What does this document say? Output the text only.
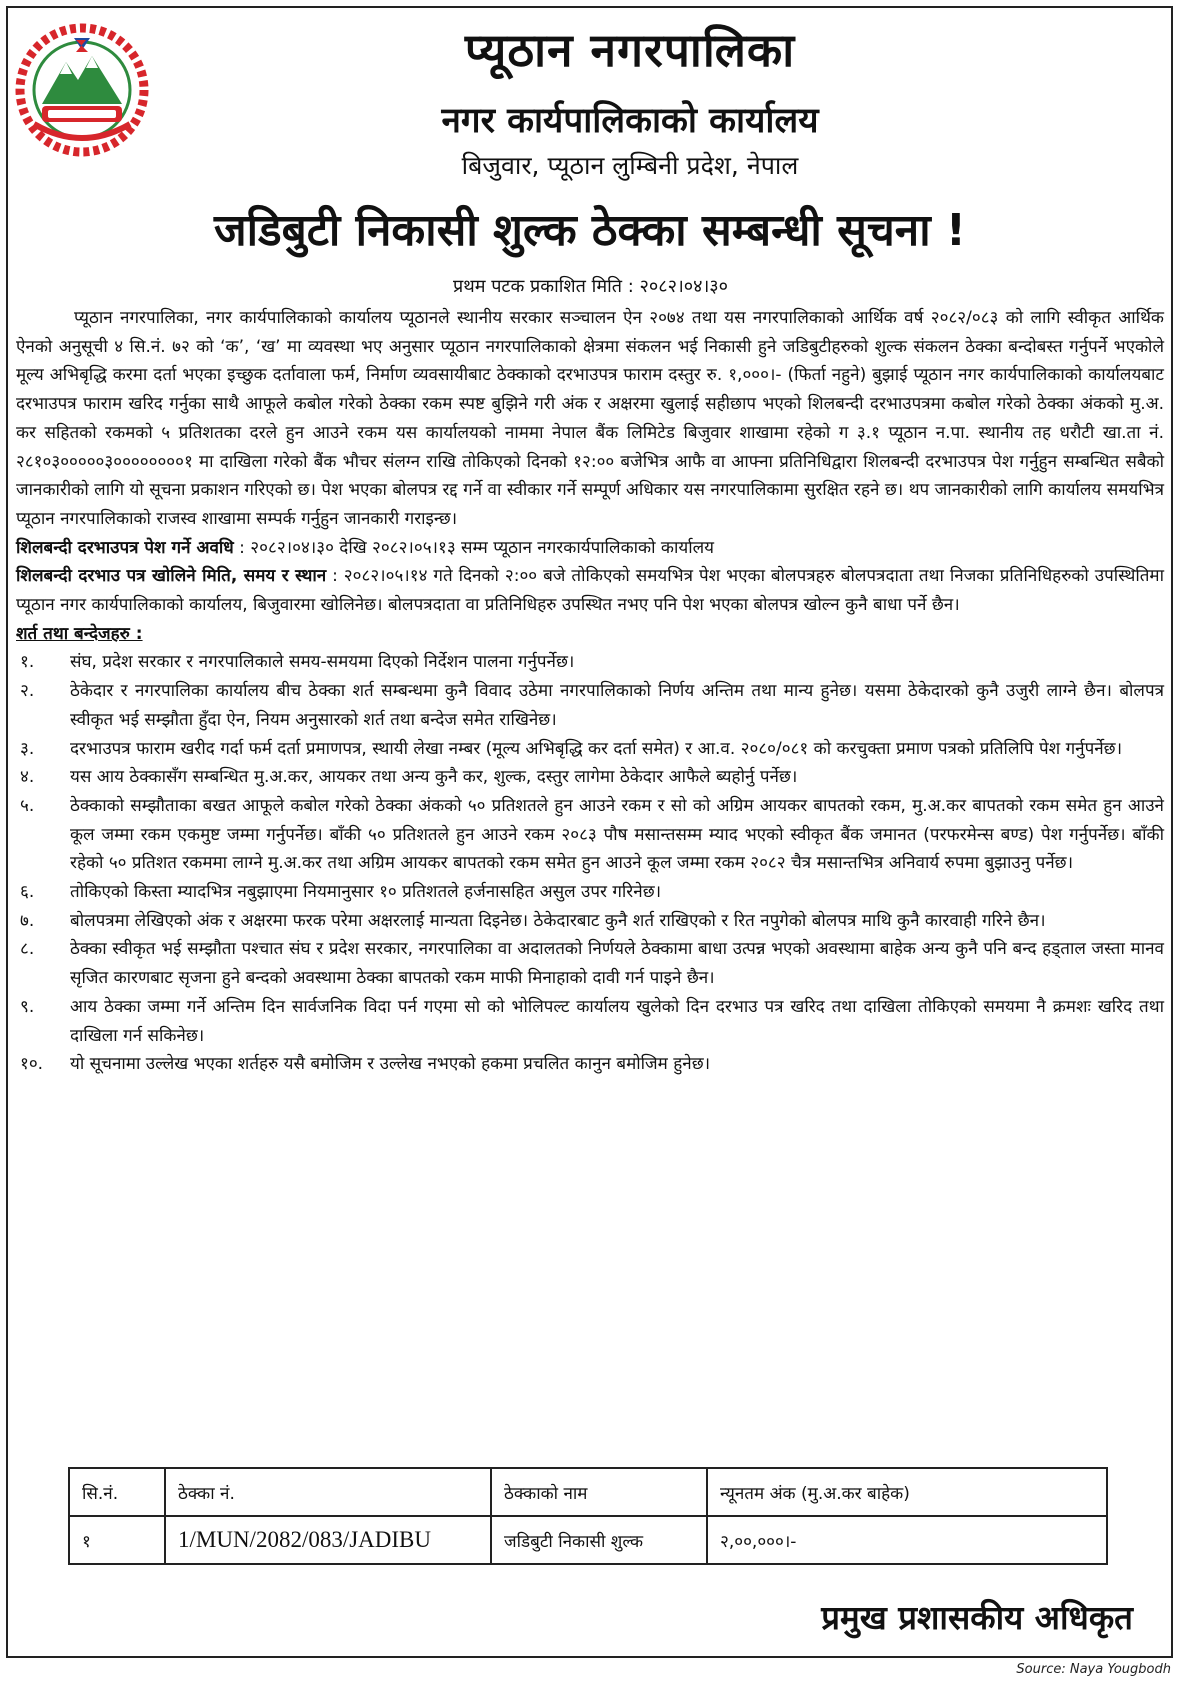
प्यूठान नगरपालिका
नगर कार्यपालिकाको कार्यालय
बिजुवार, प्यूठान लुम्बिनी प्रदेश, नेपाल
जडिबुटी निकासी शुल्क ठेक्का सम्बन्धी सूचना !
प्रथम पटक प्रकाशित मिति : २०८२।०४।३०

प्यूठान नगरपालिका, नगर कार्यपालिकाको कार्यालय प्यूठानले स्थानीय सरकार सञ्चालन ऐन २०७४ तथा यस नगरपालिकाको आर्थिक वर्ष २०८२/०८३ को लागि स्वीकृत आर्थिक ऐनको अनुसूची ४ सि.नं. ७२ को ‘क’, ‘ख’ मा व्यवस्था भए अनुसार प्यूठान नगरपालिकाको क्षेत्रमा संकलन भई निकासी हुने जडिबुटीहरुको शुल्क संकलन ठेक्का बन्दोबस्त गर्नुपर्ने भएकोले मूल्य अभिबृद्धि करमा दर्ता भएका इच्छुक दर्तावाला फर्म, निर्माण व्यवसायीबाट ठेक्काको दरभाउपत्र फाराम दस्तुर रु. १,०००।- (फिर्ता नहुने) बुझाई प्यूठान नगर कार्यपालिकाको कार्यालयबाट दरभाउपत्र फाराम खरिद गर्नुका साथै आफूले कबोल गरेको ठेक्का रकम स्पष्ट बुझिने गरी अंक र अक्षरमा खुलाई सहीछाप भएको शिलबन्दी दरभाउपत्रमा कबोल गरेको ठेक्का अंकको मु.अ. कर सहितको रकमको ५ प्रतिशतका दरले हुन आउने रकम यस कार्यालयको नाममा नेपाल बैंक लिमिटेड बिजुवार शाखामा रहेको ग ३.१ प्यूठान न.पा. स्थानीय तह धरौटी खा.ता नं. २८१०३०००००३००००००००१ मा दाखिला गरेको बैंक भौचर संलग्न राखि तोकिएको दिनको १२:०० बजेभित्र आफै वा आफ्ना प्रतिनिधिद्वारा शिलबन्दी दरभाउपत्र पेश गर्नुहुन सम्बन्धित सबैको जानकारीको लागि यो सूचना प्रकाशन गरिएको छ। पेश भएका बोलपत्र रद्द गर्ने वा स्वीकार गर्ने सम्पूर्ण अधिकार यस नगरपालिकामा सुरक्षित रहने छ। थप जानकारीको लागि कार्यालय समयभित्र प्यूठान नगरपालिकाको राजस्व शाखामा सम्पर्क गर्नुहुन जानकारी गराइन्छ।

शिलबन्दी दरभाउपत्र पेश गर्ने अवधि : २०८२।०४।३० देखि २०८२।०५।१३ सम्म प्यूठान नगरकार्यपालिकाको कार्यालय

शिलबन्दी दरभाउ पत्र खोलिने मिति, समय र स्थान : २०८२।०५।१४ गते दिनको २:०० बजे तोकिएको समयभित्र पेश भएका बोलपत्रहरु बोलपत्रदाता तथा निजका प्रतिनिधिहरुको उपस्थितिमा प्यूठान नगर कार्यपालिकाको कार्यालय, बिजुवारमा खोलिनेछ। बोलपत्रदाता वा प्रतिनिधिहरु उपस्थित नभए पनि पेश भएका बोलपत्र खोल्न कुनै बाधा पर्ने छैन।

शर्त तथा बन्देजहरु :

१. संघ, प्रदेश सरकार र नगरपालिकाले समय-समयमा दिएको निर्देशन पालना गर्नुपर्नेछ।
२. ठेकेदार र नगरपालिका कार्यालय बीच ठेक्का शर्त सम्बन्धमा कुनै विवाद उठेमा नगरपालिकाको निर्णय अन्तिम तथा मान्य हुनेछ। यसमा ठेकेदारको कुनै उजुरी लाग्ने छैन। बोलपत्र स्वीकृत भई सम्झौता हुँदा ऐन, नियम अनुसारको शर्त तथा बन्देज समेत राखिनेछ।
३. दरभाउपत्र फाराम खरीद गर्दा फर्म दर्ता प्रमाणपत्र, स्थायी लेखा नम्बर (मूल्य अभिबृद्धि कर दर्ता समेत) र आ.व. २०८०/०८१ को करचुक्ता प्रमाण पत्रको प्रतिलिपि पेश गर्नुपर्नेछ।
४. यस आय ठेक्कासँग सम्बन्धित मु.अ.कर, आयकर तथा अन्य कुनै कर, शुल्क, दस्तुर लागेमा ठेकेदार आफैले ब्यहोर्नु पर्नेछ।
५. ठेक्काको सम्झौताका बखत आफूले कबोल गरेको ठेक्का अंकको ५० प्रतिशतले हुन आउने रकम र सो को अग्रिम आयकर बापतको रकम, मु.अ.कर बापतको रकम समेत हुन आउने कूल जम्मा रकम एकमुष्ट जम्मा गर्नुपर्नेछ। बाँकी ५० प्रतिशतले हुन आउने रकम २०८३ पौष मसान्तसम्म म्याद भएको स्वीकृत बैंक जमानत (परफरमेन्स बण्ड) पेश गर्नुपर्नेछ। बाँकी रहेको ५० प्रतिशत रकममा लाग्ने मु.अ.कर तथा अग्रिम आयकर बापतको रकम समेत हुन आउने कूल जम्मा रकम २०८२ चैत्र मसान्तभित्र अनिवार्य रुपमा बुझाउनु पर्नेछ।
६. तोकिएको किस्ता म्यादभित्र नबुझाएमा नियमानुसार १० प्रतिशतले हर्जनासहित असुल उपर गरिनेछ।
७. बोलपत्रमा लेखिएको अंक र अक्षरमा फरक परेमा अक्षरलाई मान्यता दिइनेछ। ठेकेदारबाट कुनै शर्त राखिएको र रित नपुगेको बोलपत्र माथि कुनै कारवाही गरिने छैन।
८. ठेक्का स्वीकृत भई सम्झौता पश्चात संघ र प्रदेश सरकार, नगरपालिका वा अदालतको निर्णयले ठेक्कामा बाधा उत्पन्न भएको अवस्थामा बाहेक अन्य कुनै पनि बन्द हड्ताल जस्ता मानव सृजित कारणबाट सृजना हुने बन्दको अवस्थामा ठेक्का बापतको रकम माफी मिनाहाको दावी गर्न पाइने छैन।
९. आय ठेक्का जम्मा गर्ने अन्तिम दिन सार्वजनिक विदा पर्न गएमा सो को भोलिपल्ट कार्यालय खुलेको दिन दरभाउ पत्र खरिद तथा दाखिला तोकिएको समयमा नै क्रमशः खरिद तथा दाखिला गर्न सकिनेछ।
१०. यो सूचनामा उल्लेख भएका शर्तहरु यसै बमोजिम र उल्लेख नभएको हकमा प्रचलित कानुन बमोजिम हुनेछ।
सि.नं.	ठेक्का नं.	ठेक्काको नाम	न्यूनतम अंक (मु.अ.कर बाहेक)
१	1/MUN/2082/083/JADIBU	जडिबुटी निकासी शुल्क	२,००,०००।-

प्रमुख प्रशासकीय अधिकृत

Source: Naya Yougbodh
